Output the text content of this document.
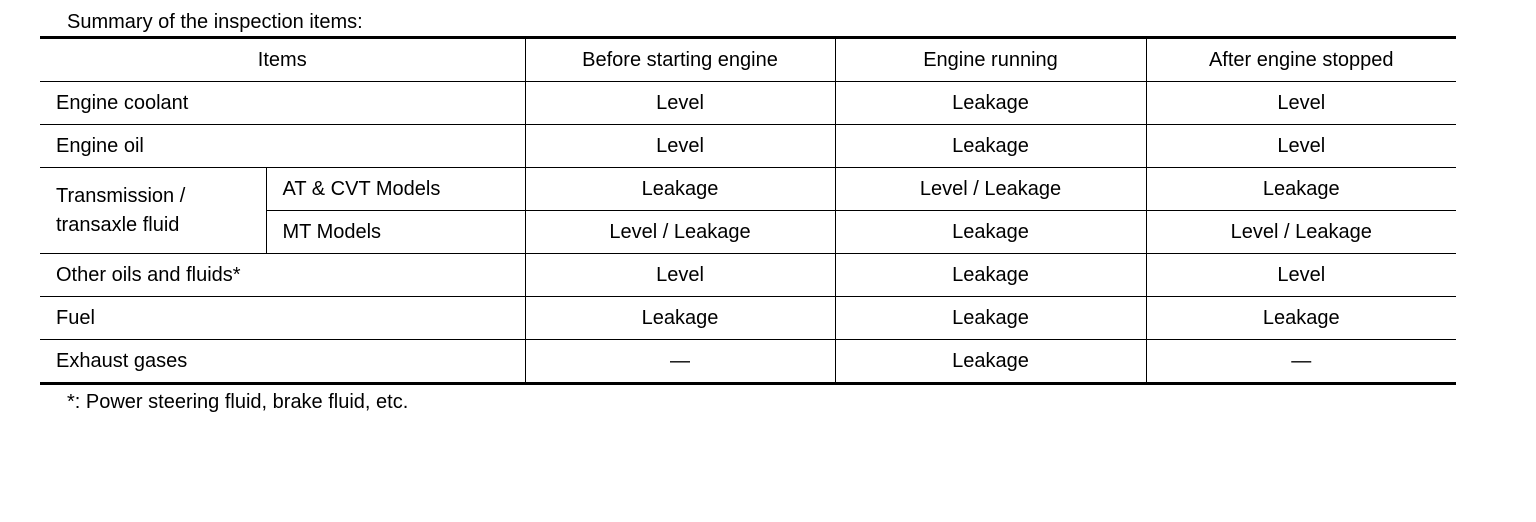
Summary of the inspection items:
Items		Before starting engine	Engine running	After engine stopped
Engine coolant		Level	Leakage	Level
Engine oil		Level	Leakage	Level
Transmission /
transaxle fluid	AT & CVT Models	Leakage	Level / Leakage	Leakage
	MT Models	Level / Leakage	Leakage	Level / Leakage
Other oils and fluids*		Level	Leakage	Level
Fuel		Leakage	Leakage	Leakage
Exhaust gases		—	Leakage	—
*: Power steering fluid, brake fluid, etc.
